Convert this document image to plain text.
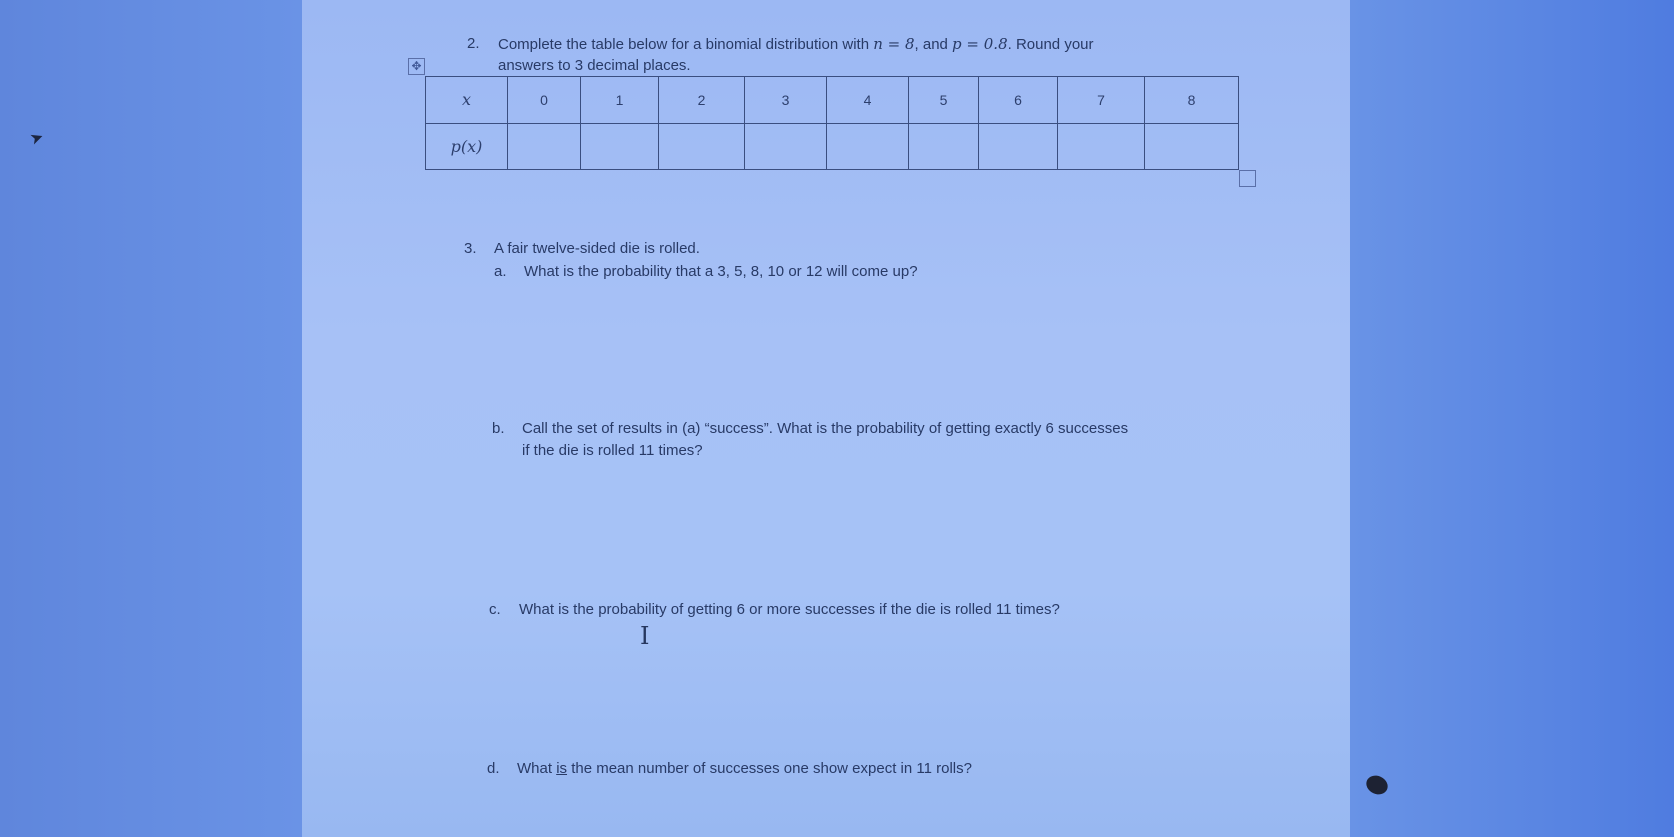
➤
✥
2. Complete the table below for a binomial distribution with n = 8, and p = 0.8. Round your
answers to 3 decimal places.
x	0	1	2	3	4	5	6	7	8
p(x)									
3. A fair twelve-sided die is rolled.
a. What is the probability that a 3, 5, 8, 10 or 12 will come up?
b. Call the set of results in (a) “success”. What is the probability of getting exactly 6 successes
if the die is rolled 11 times?
c. What is the probability of getting 6 or more successes if the die is rolled 11 times?
I
d. What is the mean number of successes one show expect in 11 rolls?
